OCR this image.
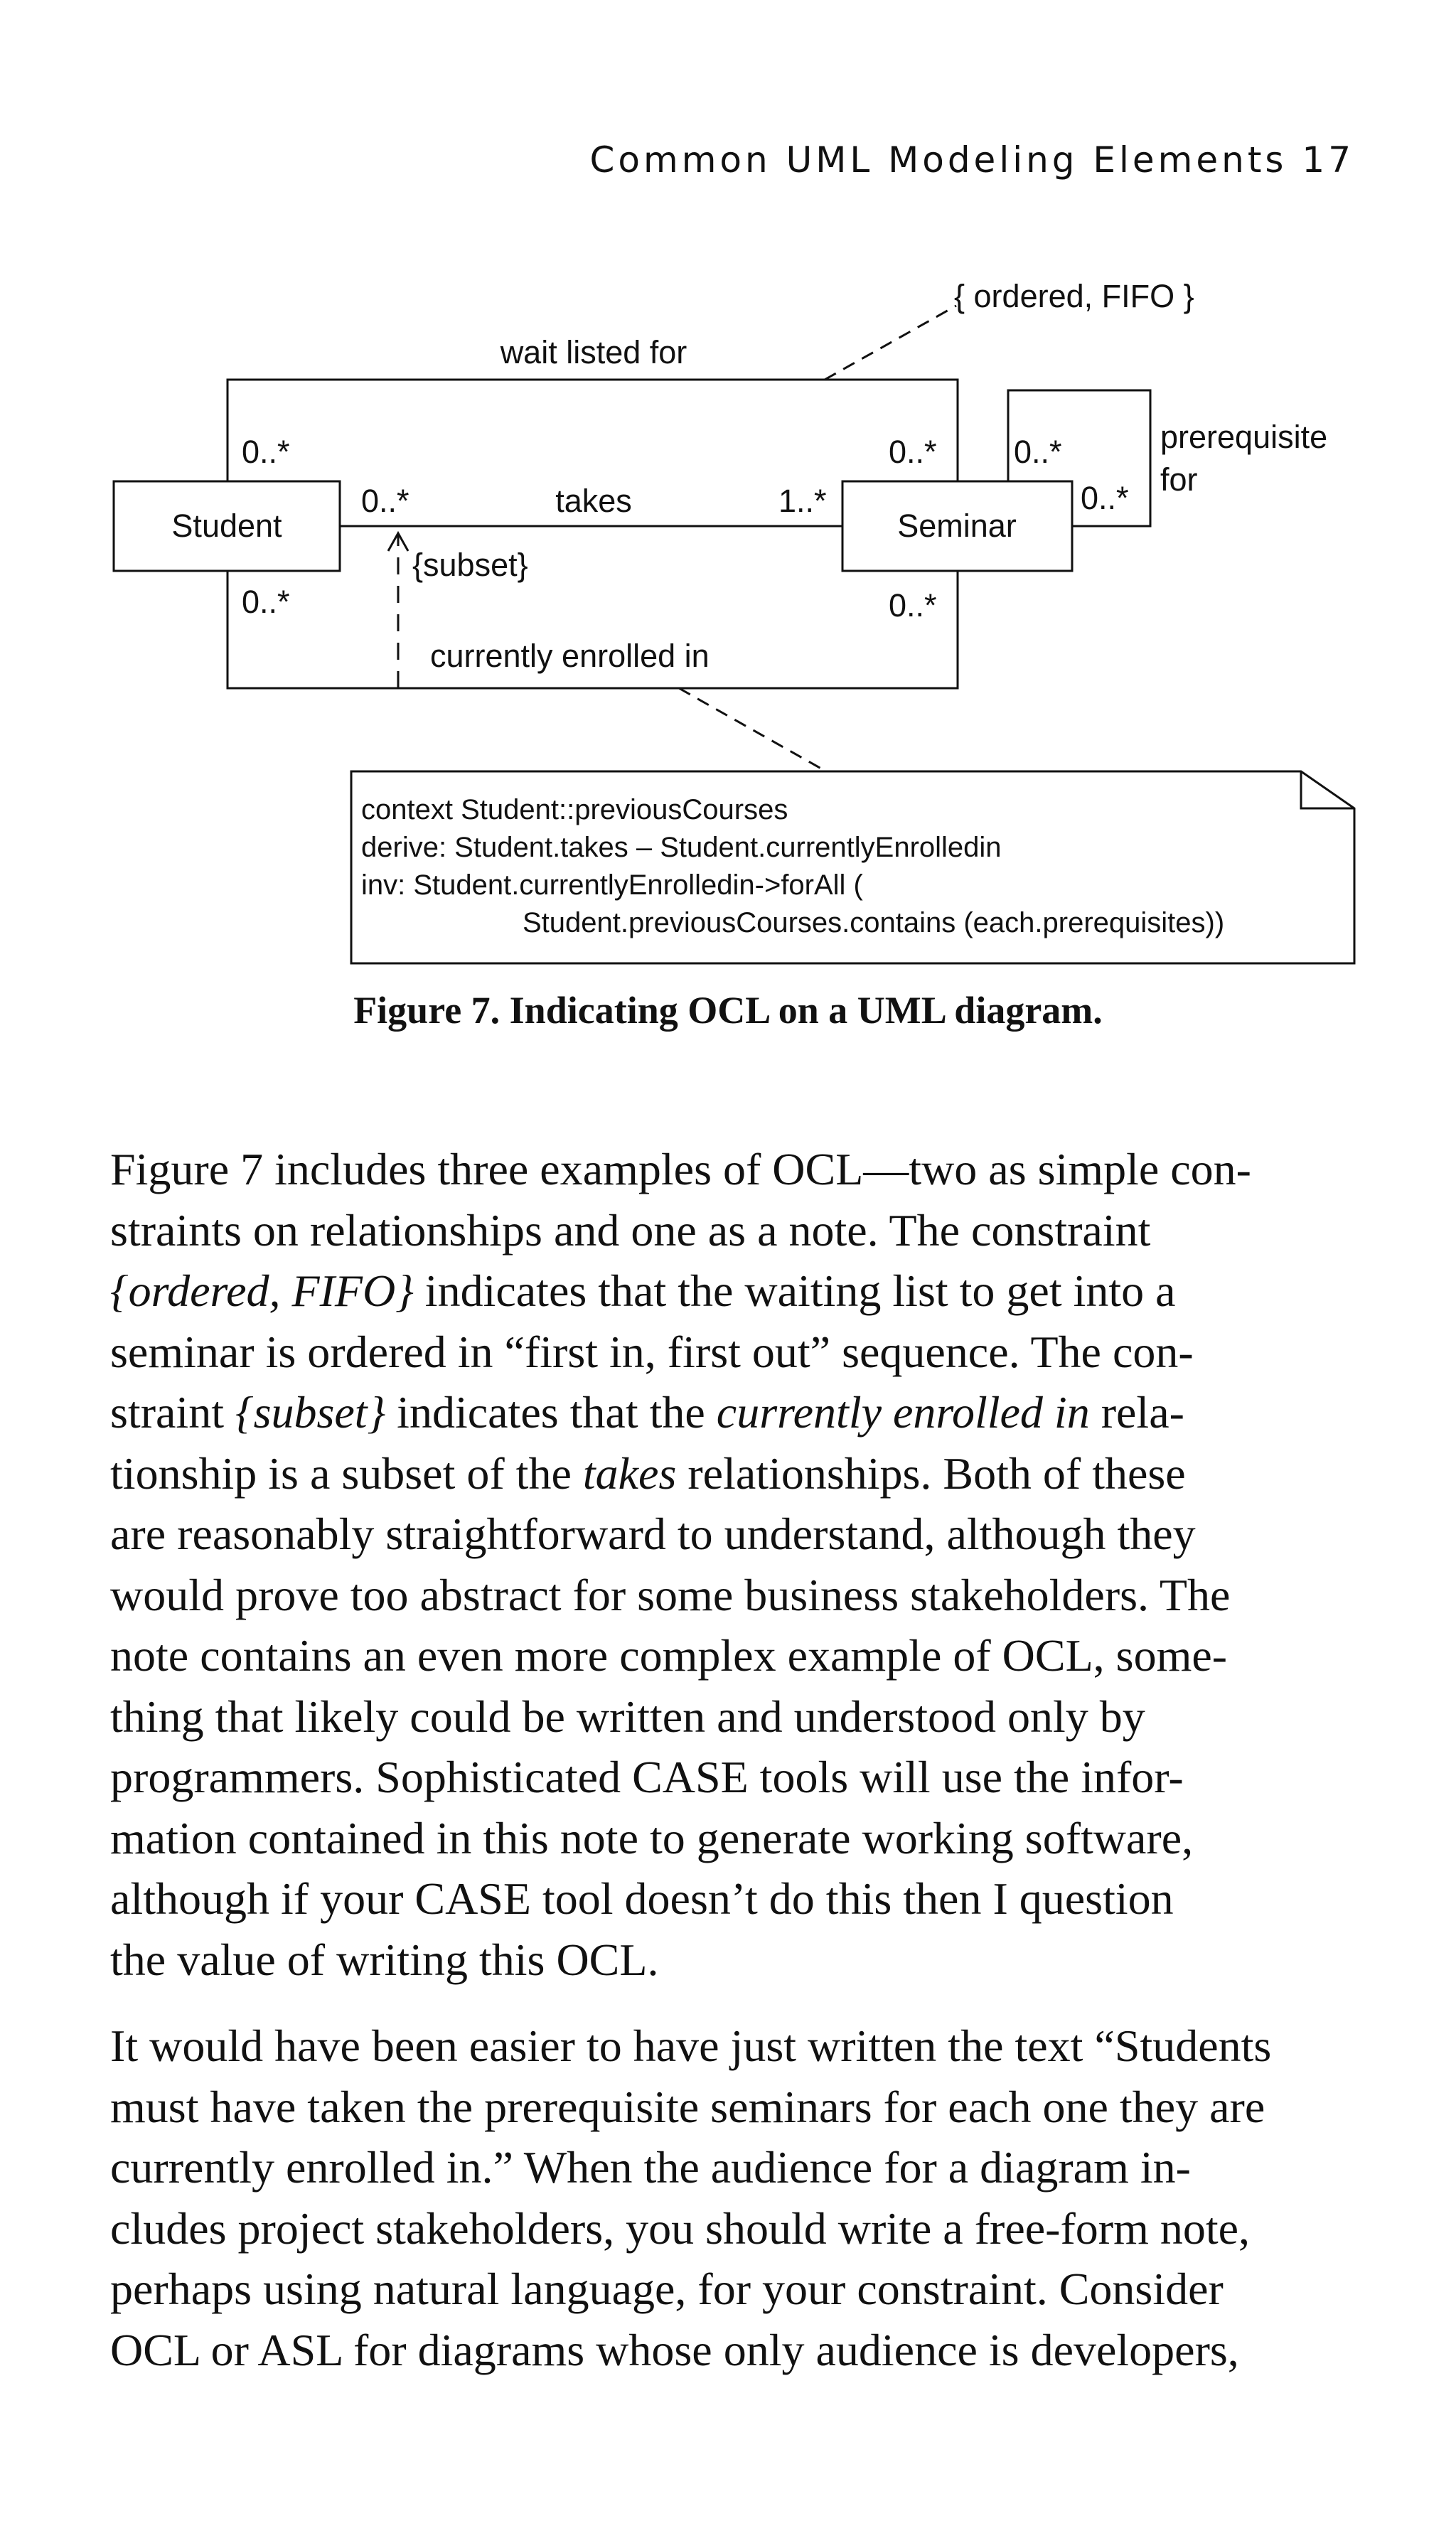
Common UML Modeling Elements 17
Student	Seminar
wait listed for
takes
currently enrolled in
prerequisite
for
0..*	0..*
0..*	1..*
0..*	0..*
0..*
0..*
{ ordered, FIFO }
{subset}
context Student::previousCourses
derive: Student.takes – Student.currentlyEnrolledin
inv: Student.currentlyEnrolledin->forAll (
Student.previousCourses.contains (each.prerequisites))
Figure 7. Indicating OCL on a UML diagram.

Figure 7 includes three examples of OCL—two as simple con-
straints on relationships and one as a note. The constraint
{ordered, FIFO} indicates that the waiting list to get into a
seminar is ordered in “first in, first out” sequence. The con-
straint {subset} indicates that the currently enrolled in rela-
tionship is a subset of the takes relationships. Both of these
are reasonably straightforward to understand, although they
would prove too abstract for some business stakeholders. The
note contains an even more complex example of OCL, some-
thing that likely could be written and understood only by
programmers. Sophisticated CASE tools will use the infor-
mation contained in this note to generate working software,
although if your CASE tool doesn’t do this then I question
the value of writing this OCL.

It would have been easier to have just written the text “Students
must have taken the prerequisite seminars for each one they are
currently enrolled in.” When the audience for a diagram in-
cludes project stakeholders, you should write a free-form note,
perhaps using natural language, for your constraint. Consider
OCL or ASL for diagrams whose only audience is developers,
